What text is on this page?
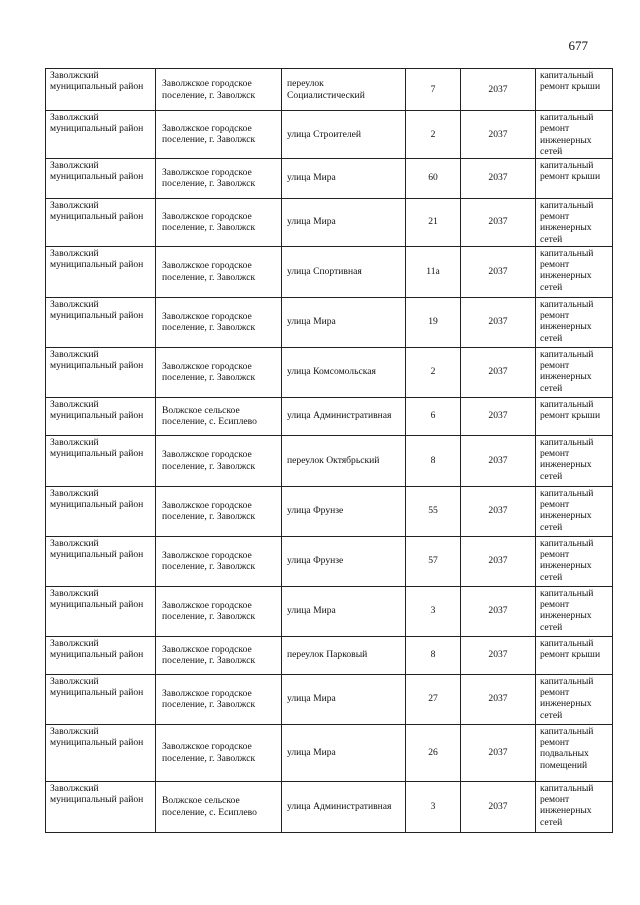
677
Заволжский муниципальный район	Заволжское городское поселение, г. Заволжск	переулок Социалистический	7	2037	капитальный ремонт крыши
Заволжский муниципальный район	Заволжское городское поселение, г. Заволжск	улица Строителей	2	2037	капитальный ремонт инженерных сетей
Заволжский муниципальный район	Заволжское городское поселение, г. Заволжск	улица Мира	60	2037	капитальный ремонт крыши
Заволжский муниципальный район	Заволжское городское поселение, г. Заволжск	улица Мира	21	2037	капитальный ремонт инженерных сетей
Заволжский муниципальный район	Заволжское городское поселение, г. Заволжск	улица Спортивная	11а	2037	капитальный ремонт инженерных сетей
Заволжский муниципальный район	Заволжское городское поселение, г. Заволжск	улица Мира	19	2037	капитальный ремонт инженерных сетей
Заволжский муниципальный район	Заволжское городское поселение, г. Заволжск	улица Комсомольская	2	2037	капитальный ремонт инженерных сетей
Заволжский муниципальный район	Волжское сельское поселение, с. Есиплево	улица Административная	6	2037	капитальный ремонт крыши
Заволжский муниципальный район	Заволжское городское поселение, г. Заволжск	переулок Октябрьский	8	2037	капитальный ремонт инженерных сетей
Заволжский муниципальный район	Заволжское городское поселение, г. Заволжск	улица Фрунзе	55	2037	капитальный ремонт инженерных сетей
Заволжский муниципальный район	Заволжское городское поселение, г. Заволжск	улица Фрунзе	57	2037	капитальный ремонт инженерных сетей
Заволжский муниципальный район	Заволжское городское поселение, г. Заволжск	улица Мира	3	2037	капитальный ремонт инженерных сетей
Заволжский муниципальный район	Заволжское городское поселение, г. Заволжск	переулок Парковый	8	2037	капитальный ремонт крыши
Заволжский муниципальный район	Заволжское городское поселение, г. Заволжск	улица Мира	27	2037	капитальный ремонт инженерных сетей
Заволжский муниципальный район	Заволжское городское поселение, г. Заволжск	улица Мира	26	2037	капитальный ремонт подвальных помещений
Заволжский муниципальный район	Волжское сельское поселение, с. Есиплево	улица Административная	3	2037	капитальный ремонт инженерных сетей
